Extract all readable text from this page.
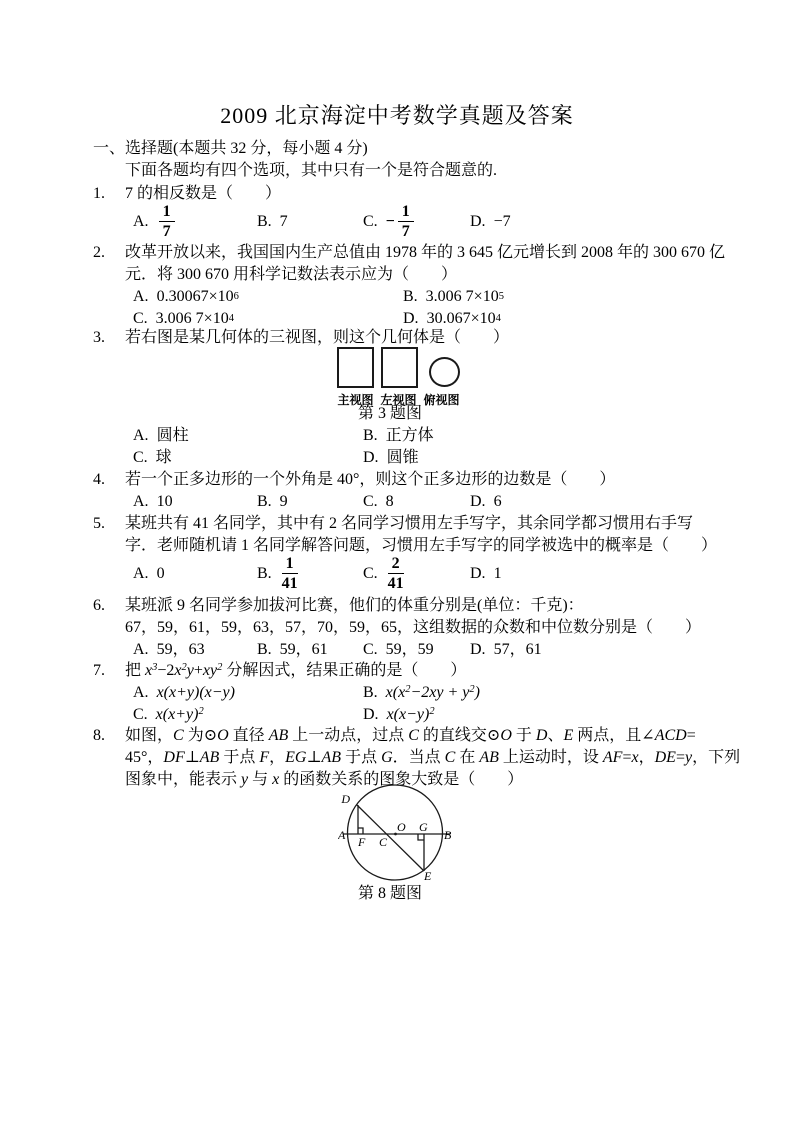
2009 北京海淀中考数学真题及答案
一、选择题(本题共 32 分，每小题 4 分)
下面各题均有四个选项，其中只有一个是符合题意的.
1. 7 的相反数是（　　）
A. $\frac{1}{7}$	B. 7	C. − $\frac{1}{7}$	D. −7
2. 改革开放以来，我国国内生产总值由 1978 年的 3 645 亿元增长到 2008 年的 300 670 亿
元．将 300 670 用科学记数法表示应为（　　）
A. 0.30067×10 6	B. 3.006 7×10 5
C. 3.006 7×10 4	D. 30.067×10 4
3. 若右图是某几何体的三视图，则这个几何体是（　　）
主视图 左视图 俯视图
第 3 题图
A. 圆柱	B. 正方体
C. 球	D. 圆锥
4. 若一个正多边形的一个外角是 40°，则这个正多边形的边数是（　　）
A. 10	B. 9	C. 8	D. 6
5. 某班共有 41 名同学，其中有 2 名同学习惯用左手写字，其余同学都习惯用右手写
字．老师随机请 1 名同学解答问题，习惯用左手写字的同学被选中的概率是（　　）
A. 0	B. $\frac{1}{41}$	C. $\frac{2}{41}$	D. 1
6. 某班派 9 名同学参加拔河比赛，他们的体重分别是(单位：千克)：
67，59，61，59，63，57，70，59，65，这组数据的众数和中位数分别是（　　）
A. 59，63	B. 59，61 C. 59，59 D. 57，61
7. 把 $x^3-2x^2y+xy^2$ 分解因式，结果正确的是（　　）
A. x(x+y)(x−y)	B. $x(x^2-2xy + y^2)$
C. $x(x+y)^2$	D. $x(x-y)^2$
8. 如图，C 为⊙O 直径 AB 上一动点，过点 C 的直线交⊙O 于 D、E 两点，且∠ACD=
45°，DF⊥AB 于点 F，EG⊥AB 于点 G．当点 C 在 AB 上运动时，设 AF=x，DE=y，下列
图象中，能表示 y 与 x 的函数关系的图象大致是（　　）
D
A F C
O G
B
E
第 8 题图
